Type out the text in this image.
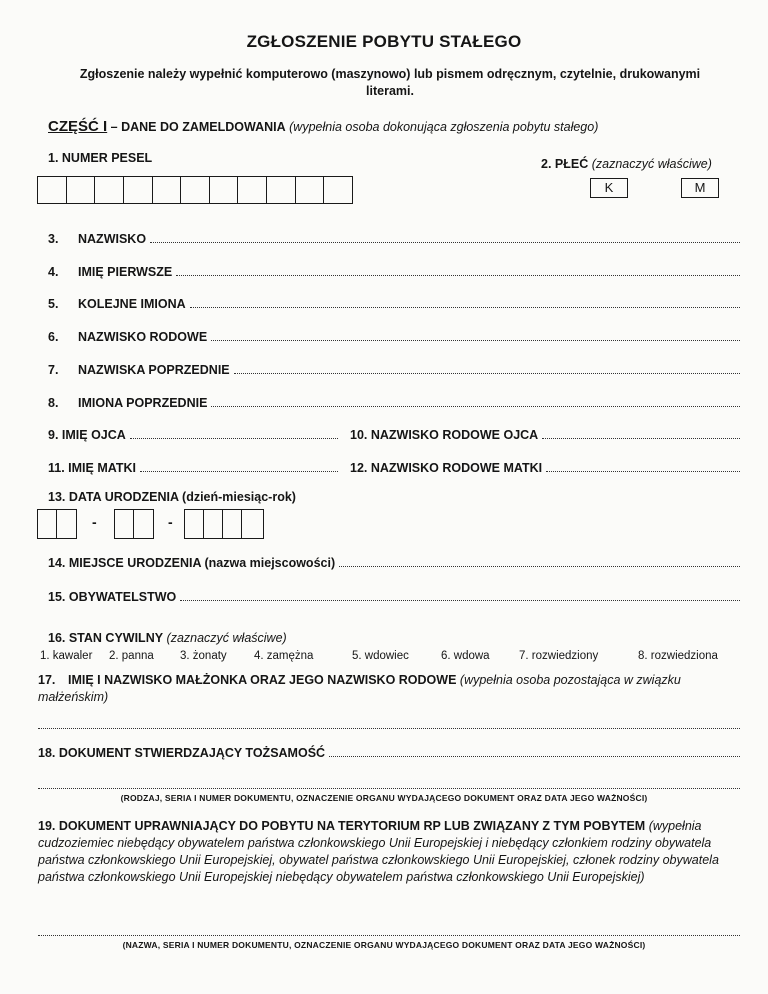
ZGŁOSZENIE POBYTU STAŁEGO
Zgłoszenie należy wypełnić komputerowo (maszynowo) lub pismem odręcznym, czytelnie, drukowanymi literami.
CZĘŚĆ I – DANE DO ZAMELDOWANIA (wypełnia osoba dokonująca zgłoszenia pobytu stałego)
1. NUMER PESEL	2. PŁEĆ (zaznaczyć właściwe)
K	M
3.	NAZWISKO
4.	IMIĘ PIERWSZE
5.	KOLEJNE IMIONA
6.	NAZWISKO RODOWE
7.	NAZWISKA POPRZEDNIE
8.	IMIONA POPRZEDNIE
9. IMIĘ OJCA	10. NAZWISKO RODOWE OJCA
11. IMIĘ MATKI	12. NAZWISKO RODOWE MATKI
13. DATA URODZENIA (dzień-miesiąc-rok)
-	-
14. MIEJSCE URODZENIA (nazwa miejscowości)
15. OBYWATELSTWO
16. STAN CYWILNY (zaznaczyć właściwe)
1. kawaler 2. panna 3. żonaty 4. zamężna	5. wdowiec	6. wdowa	7. rozwiedziony	8. rozwiedziona
17. IMIĘ I NAZWISKO MAŁŻONKA ORAZ JEGO NAZWISKO RODOWE (wypełnia osoba pozostająca w związku małżeńskim)
18. DOKUMENT STWIERDZAJĄCY TOŻSAMOŚĆ
(RODZAJ, SERIA I NUMER DOKUMENTU, OZNACZENIE ORGANU WYDAJĄCEGO DOKUMENT ORAZ DATA JEGO WAŻNOŚCI)
19. DOKUMENT UPRAWNIAJĄCY DO POBYTU NA TERYTORIUM RP LUB ZWIĄZANY Z TYM POBYTEM (wypełnia cudzoziemiec niebędący obywatelem państwa członkowskiego Unii Europejskiej i niebędący członkiem rodziny obywatela państwa członkowskiego Unii Europejskiej, obywatel państwa członkowskiego Unii Europejskiej, członek rodziny obywatela państwa członkowskiego Unii Europejskiej niebędący obywatelem państwa członkowskiego Unii Europejskiej)
(NAZWA, SERIA I NUMER DOKUMENTU, OZNACZENIE ORGANU WYDAJĄCEGO DOKUMENT ORAZ DATA JEGO WAŻNOŚCI)
